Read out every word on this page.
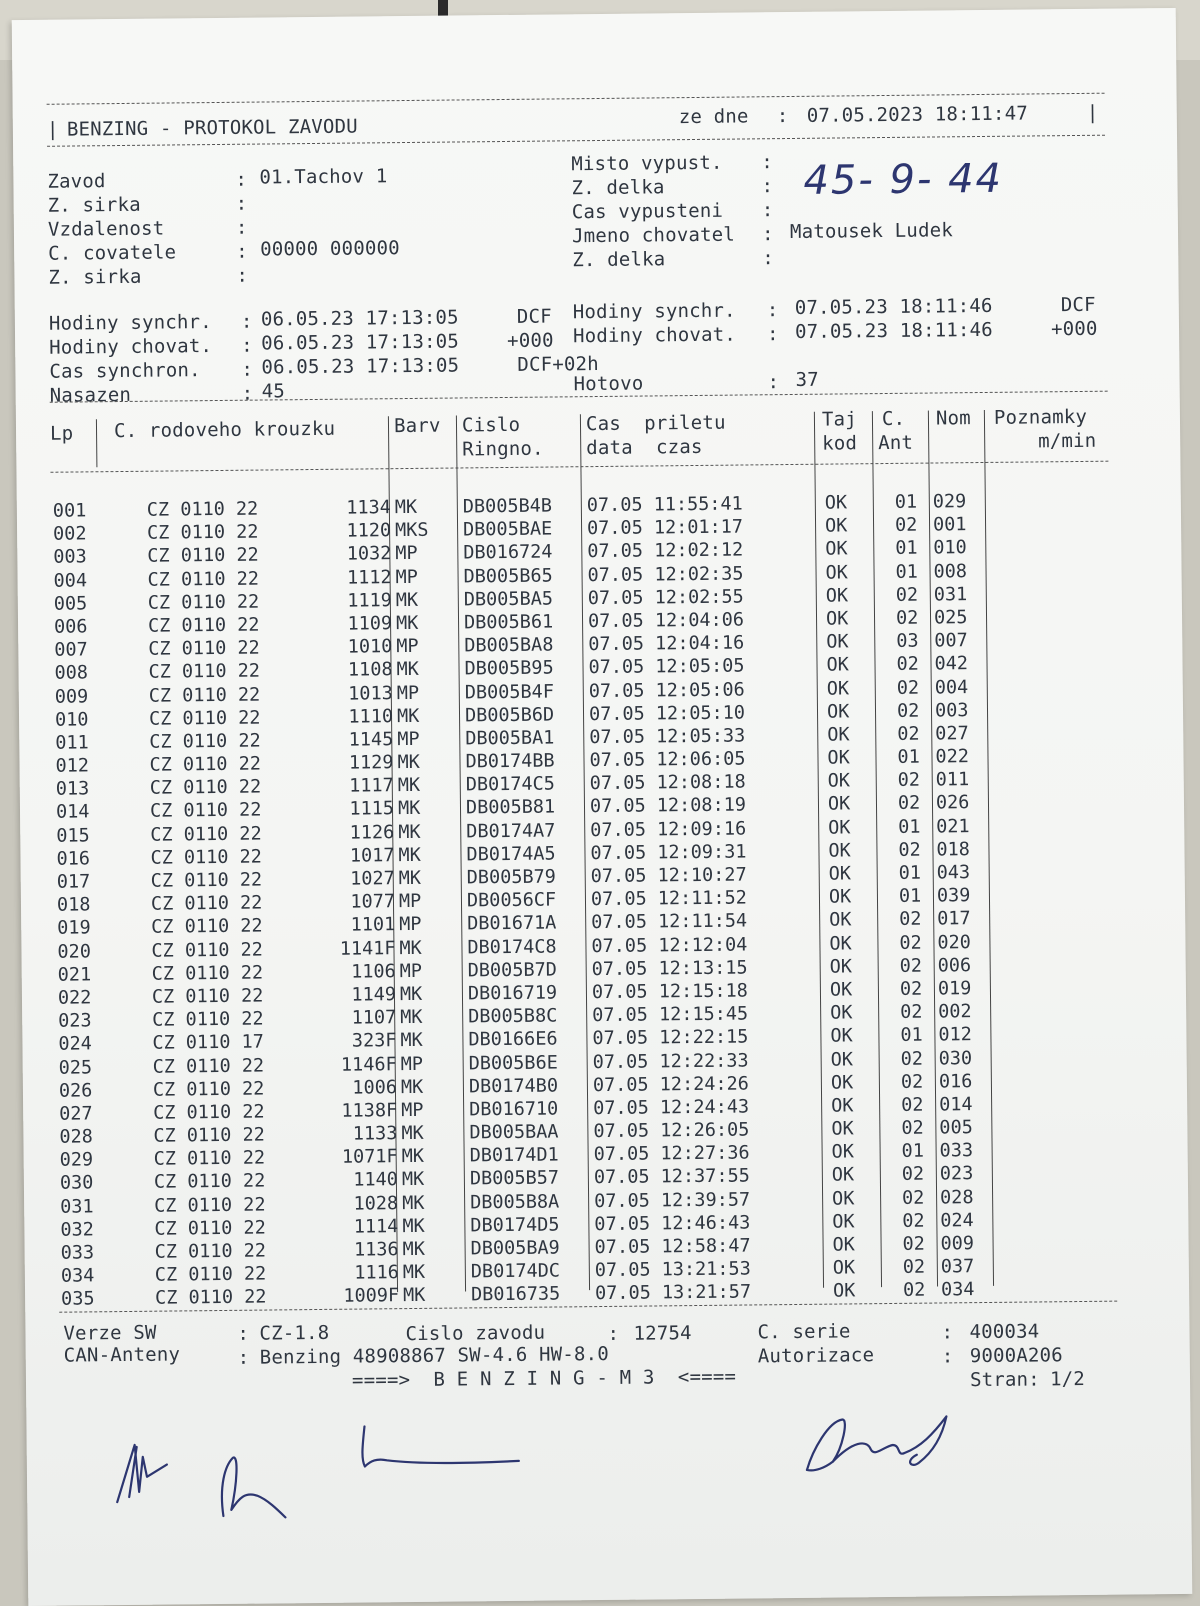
| BENZING - PROTOKOL ZAVODU	ze dne : 07.05.2023 18:11:47	|
Zavod	: 01.Tachov 1
Z. sirka	:
Vzdalenost	:
C. covatele	: 00000 000000
Z. sirka	:
Misto vypust. :
Z. delka	:
Cas vypusteni :
Jmeno chovatel : Matousek Ludek
Z. delka	:
45- 9- 44
Hodiny synchr. : 06.05.23 17:13:05	DCF
Hodiny chovat. : 06.05.23 17:13:05	+000
Cas synchron. : 06.05.23 17:13:05	DCF+02h
Nasazen	: 45
Hodiny synchr. : 07.05.23 18:11:46	DCF
Hodiny chovat. : 07.05.23 18:11:46	+000
Hotovo	: 37
Lp C. rodoveho krouzku	Barv Cislo
Ringno.
Cas  priletu
data  czas
Taj
kod
C.
Ant
Nom Poznamky
m/min
001	CZ 0110 22	1134 MK DB005B4B 07.05 11:55:41	OK	01 029
002	CZ 0110 22	1120 MKS DB005BAE 07.05 12:01:17	OK	02 001
003	CZ 0110 22	1032 MP DB016724 07.05 12:02:12	OK	01 010
004	CZ 0110 22	1112 MP DB005B65 07.05 12:02:35	OK	01 008
005	CZ 0110 22	1119 MK DB005BA5 07.05 12:02:55	OK	02 031
006	CZ 0110 22	1109 MK DB005B61 07.05 12:04:06	OK	02 025
007	CZ 0110 22	1010 MP DB005BA8 07.05 12:04:16	OK	03 007
008	CZ 0110 22	1108 MK DB005B95 07.05 12:05:05	OK	02 042
009	CZ 0110 22	1013 MP DB005B4F 07.05 12:05:06	OK	02 004
010	CZ 0110 22	1110 MK DB005B6D 07.05 12:05:10	OK	02 003
011	CZ 0110 22	1145 MP DB005BA1 07.05 12:05:33	OK	02 027
012	CZ 0110 22	1129 MK DB0174BB 07.05 12:06:05	OK	01 022
013	CZ 0110 22	1117 MK DB0174C5 07.05 12:08:18	OK	02 011
014	CZ 0110 22	1115 MK DB005B81 07.05 12:08:19	OK	02 026
015	CZ 0110 22	1126 MK DB0174A7 07.05 12:09:16	OK	01 021
016	CZ 0110 22	1017 MK DB0174A5 07.05 12:09:31	OK	02 018
017	CZ 0110 22	1027 MK DB005B79 07.05 12:10:27	OK	01 043
018	CZ 0110 22	1077 MP DB0056CF 07.05 12:11:52	OK	01 039
019	CZ 0110 22	1101 MP DB01671A 07.05 12:11:54	OK	02 017
020	CZ 0110 22	1141F MK DB0174C8 07.05 12:12:04	OK	02 020
021	CZ 0110 22	1106 MP DB005B7D 07.05 12:13:15	OK	02 006
022	CZ 0110 22	1149 MK DB016719 07.05 12:15:18	OK	02 019
023	CZ 0110 22	1107 MK DB005B8C 07.05 12:15:45	OK	02 002
024	CZ 0110 17	323F MK DB0166E6 07.05 12:22:15	OK	01 012
025	CZ 0110 22	1146F MP DB005B6E 07.05 12:22:33	OK	02 030
026	CZ 0110 22	1006 MK DB0174B0 07.05 12:24:26	OK	02 016
027	CZ 0110 22	1138F MP DB016710 07.05 12:24:43	OK	02 014
028	CZ 0110 22	1133 MK DB005BAA 07.05 12:26:05	OK	02 005
029	CZ 0110 22	1071F MK DB0174D1 07.05 12:27:36	OK	01 033
030	CZ 0110 22	1140 MK DB005B57 07.05 12:37:55	OK	02 023
031	CZ 0110 22	1028 MK DB005B8A 07.05 12:39:57	OK	02 028
032	CZ 0110 22	1114 MK DB0174D5 07.05 12:46:43	OK	02 024
033	CZ 0110 22	1136 MK DB005BA9 07.05 12:58:47	OK	02 009
034	CZ 0110 22	1116 MK DB0174DC 07.05 13:21:53	OK	02 037
035	CZ 0110 22	1009F MK DB016735 07.05 13:21:57	OK	02 034
Verze SW	: CZ-1.8	Cislo zavodu	: 12754	C. serie	: 400034
CAN-Anteny	: Benzing 48908867 SW-4.6 HW-8.0	Autorizace	: 9000A206
====>  B E N Z I N G - M 3  <====	Stran: 1/2
